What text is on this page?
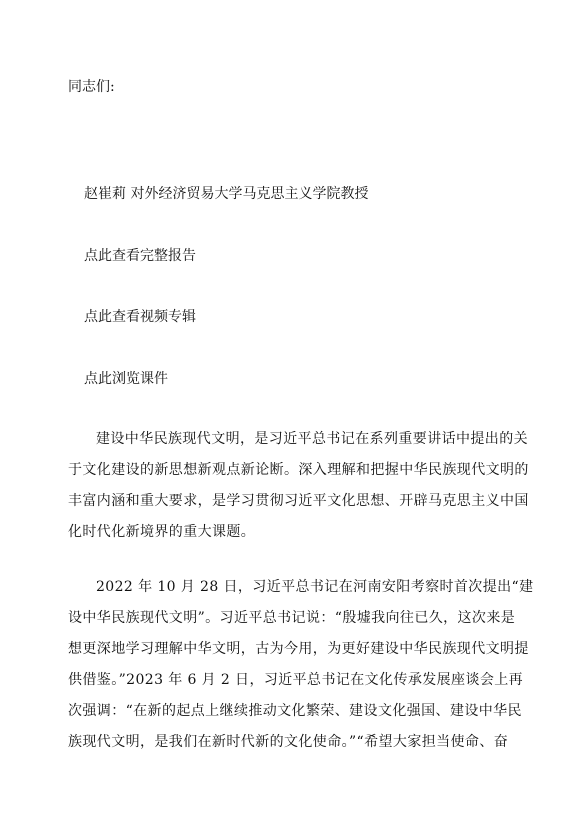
同志们:
赵崔莉 对外经济贸易大学马克思主义学院教授
点此查看完整报告
点此查看视频专辑
点此浏览课件
建设中华民族现代文明，是习近平总书记在系列重要讲话中提出的关
于文化建设的新思想新观点新论断。深入理解和把握中华民族现代文明的
丰富内涵和重大要求，是学习贯彻习近平文化思想、开辟马克思主义中国
化时代化新境界的重大课题。
2022 年 10 月 28 日，习近平总书记在河南安阳考察时首次提出“建
设中华民族现代文明”。习近平总书记说：“殷墟我向往已久，这次来是
想更深地学习理解中华文明，古为今用，为更好建设中华民族现代文明提
供借鉴。”2023 年 6 月 2 日，习近平总书记在文化传承发展座谈会上再
次强调：“在新的起点上继续推动文化繁荣、建设文化强国、建设中华民
族现代文明，是我们在新时代新的文化使命。”“希望大家担当使命、奋
